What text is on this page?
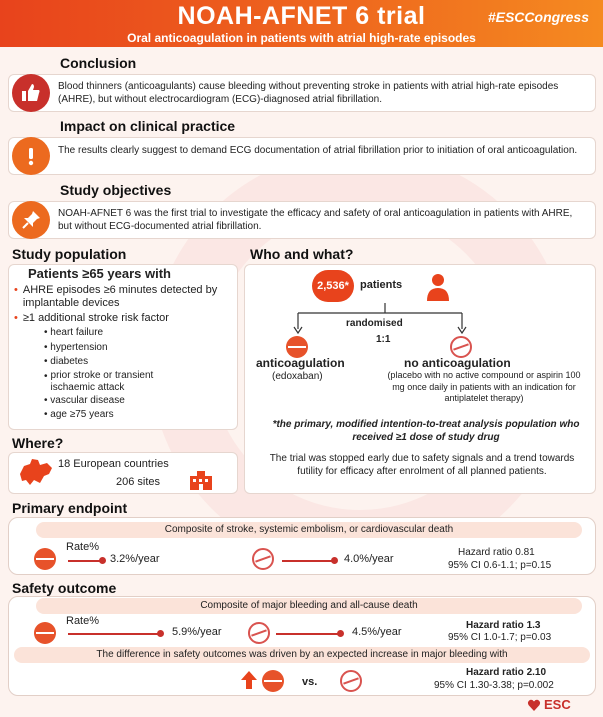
NOAH-AFNET 6 trial	#ESCCongress
Oral anticoagulation in patients with atrial high-rate episodes
Conclusion
Blood thinners (anticoagulants) cause bleeding without preventing stroke in patients with atrial high-rate episodes (AHRE), but without electrocardiogram (ECG)-diagnosed atrial fibrillation.
Impact on clinical practice
The results clearly suggest to demand ECG documentation of atrial fibrillation prior to initiation of oral anticoagulation.
Study objectives
NOAH-AFNET 6 was the first trial to investigate the efficacy and safety of oral anticoagulation in patients with AHRE, but without ECG-documented atrial fibrillation.
Study population
Patients ≥65 years with
• AHRE episodes ≥6 minutes detected by implantable devices
• ≥1 additional stroke risk factor
• heart failure
• hypertension
• diabetes
• prior stroke or transient ischaemic attack
• vascular disease
• age ≥75 years
Where?
18 European countries
206 sites
Who and what?
2,536*	patients
randomised
1:1
anticoagulation
(edoxaban)
no anticoagulation
(placebo with no active compound or aspirin 100 mg once daily in patients with an indication for antiplatelet therapy)
*the primary, modified intention-to-treat analysis population who received ≥1 dose of study drug
The trial was stopped early due to safety signals and a trend towards futility for efficacy after enrolment of all planned patients.
Primary endpoint
Composite of stroke, systemic embolism, or cardiovascular death
Rate%
3.2%/year	4.0%/year
Hazard ratio 0.81
95% CI 0.6-1.1; p=0.15
Safety outcome
Composite of major bleeding and all-cause death
Rate%
5.9%/year	4.5%/year
Hazard ratio 1.3
95% CI 1.0-1.7; p=0.03
The difference in safety outcomes was driven by an expected increase in major bleeding with
vs.
Hazard ratio 2.10
95% CI 1.30-3.38; p=0.002
ESC
